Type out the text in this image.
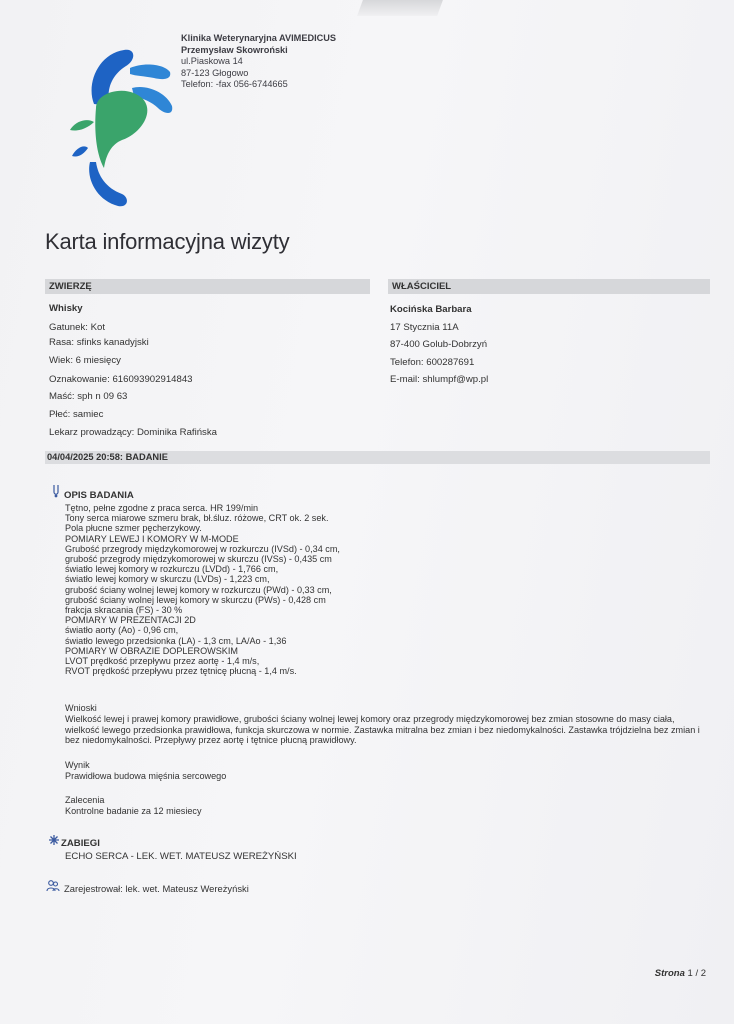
Klinika Weterynaryjna AVIMEDICUS
Przemysław Skowroński
ul.Piaskowa 14
87-123 Głogowo
Telefon: -fax 056-6744665
Karta informacyjna wizyty
ZWIERZĘ
Whisky
Gatunek: Kot
Rasa: sfinks kanadyjski
Wiek: 6 miesięcy
Oznakowanie: 616093902914843
Maść: sph n 09 63
Płeć: samiec
Lekarz prowadzący: Dominika Rafińska
WŁAŚCICIEL
Kocińska Barbara
17 Stycznia 11A
87-400 Golub-Dobrzyń
Telefon: 600287691
E-mail: shlumpf@wp.pl
04/04/2025 20:58: BADANIE
OPIS BADANIA
Tętno, pełne zgodne z praca serca. HR 199/min
Tony serca miarowe szmeru brak, bł.śluz. różowe, CRT ok. 2 sek.
Pola płucne szmer pęcherzykowy.
POMIARY LEWEJ I KOMORY W M-MODE
Grubość przegrody międzykomorowej w rozkurczu (IVSd) - 0,34 cm,
grubość przegrody międzykomorowej w skurczu (IVSs) - 0,435 cm
światło lewej komory w rozkurczu (LVDd) - 1,766 cm,
światło lewej komory w skurczu (LVDs) - 1,223 cm,
grubość ściany wolnej lewej komory w rozkurczu (PWd) - 0,33 cm,
grubość ściany wolnej lewej komory w skurczu (PWs) - 0,428 cm
frakcja skracania (FS) - 30 %
POMIARY W PREZENTACJI 2D
światło aorty (Ao) - 0,96 cm,
światło lewego przedsionka (LA) - 1,3 cm, LA/Ao - 1,36
POMIARY W OBRAZIE DOPLEROWSKIM
LVOT prędkość przepływu przez aortę - 1,4 m/s,
RVOT prędkość przepływu przez tętnicę płucną - 1,4 m/s.
Wnioski
Wielkość lewej i prawej komory prawidłowe, grubości ściany wolnej lewej komory oraz przegrody międzykomorowej bez zmian stosowne do masy ciała, wielkość lewego przedsionka prawidłowa, funkcja skurczowa w normie. Zastawka mitralna bez zmian i bez niedomykalności. Zastawka trójdzielna bez zmian i bez niedomykalności. Przepływy przez aortę i tętnice płucną prawidłowy.
Wynik
Prawidłowa budowa mięśnia sercowego
Zalecenia
Kontrolne badanie za 12 miesiecy
ZABIEGI
ECHO SERCA - LEK. WET. MATEUSZ WEREŻYŃSKI
Zarejestrował: lek. wet. Mateusz Wereżyński
Strona 1 / 2
